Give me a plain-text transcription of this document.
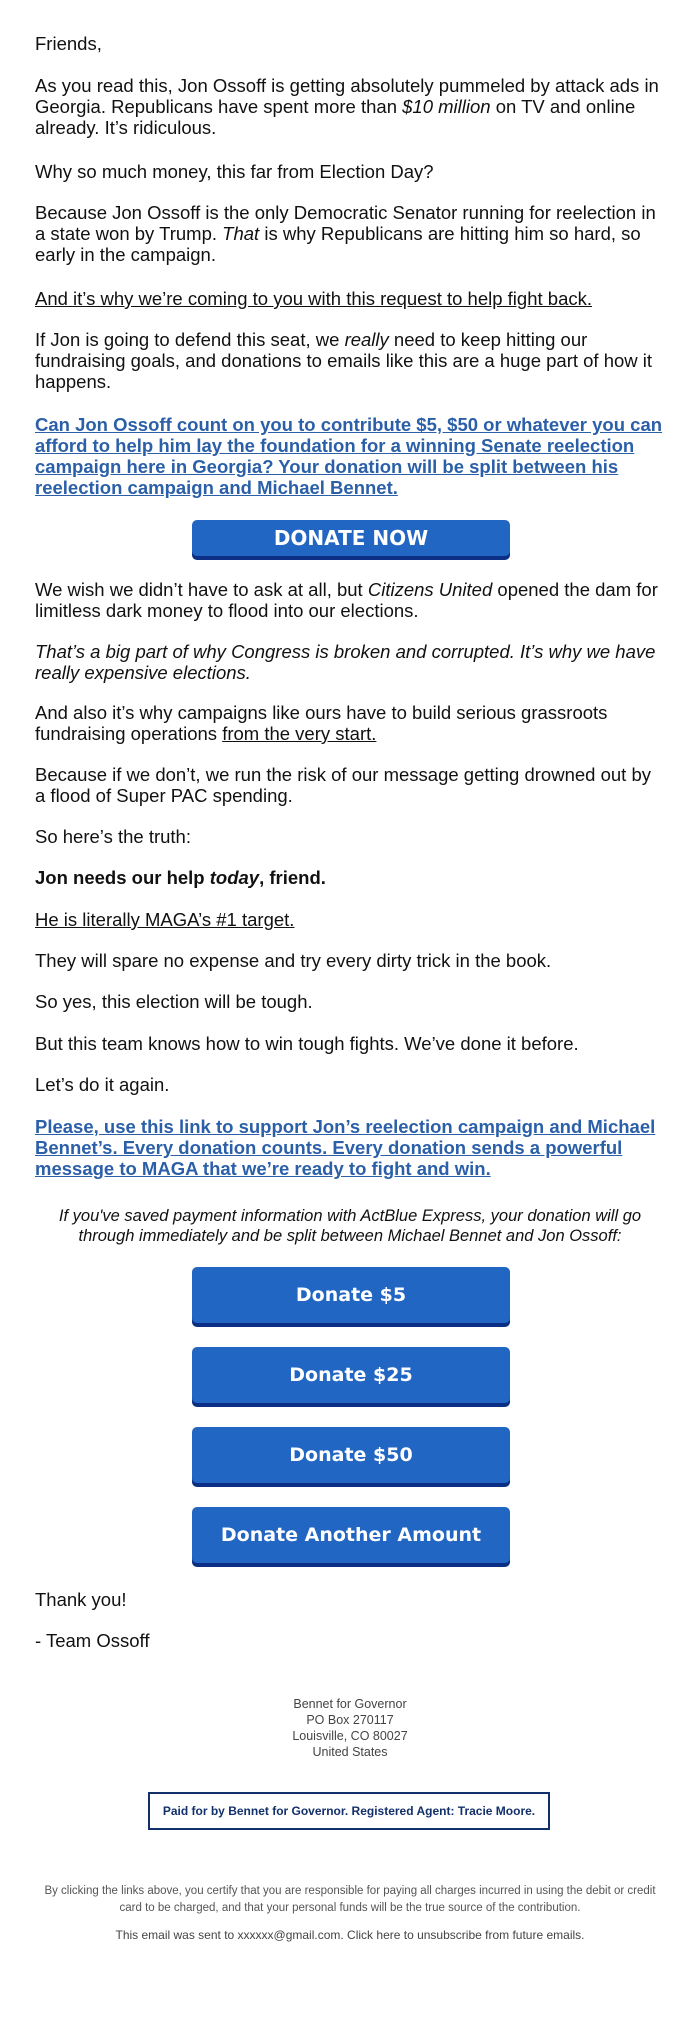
Friends,

As you read this, Jon Ossoff is getting absolutely pummeled by attack ads in Georgia. Republicans have spent more than $10 million on TV and online already. It’s ridiculous.

Why so much money, this far from Election Day?

Because Jon Ossoff is the only Democratic Senator running for reelection in a state won by Trump. That is why Republicans are hitting him so hard, so early in the campaign.

And it’s why we’re coming to you with this request to help fight back.

If Jon is going to defend this seat, we really need to keep hitting our fundraising goals, and donations to emails like this are a huge part of how it happens.

Can Jon Ossoff count on you to contribute $5, $50 or whatever you can afford to help him lay the foundation for a winning Senate reelection campaign here in Georgia? Your donation will be split between his reelection campaign and Michael Bennet.

We wish we didn’t have to ask at all, but Citizens United opened the dam for limitless dark money to flood into our elections.

That’s a big part of why Congress is broken and corrupted. It’s why we have really expensive elections.

And also it’s why campaigns like ours have to build serious grassroots fundraising operations from the very start.

Because if we don’t, we run the risk of our message getting drowned out by a flood of Super PAC spending.

So here’s the truth:

Jon needs our help today, friend.

He is literally MAGA’s #1 target.

They will spare no expense and try every dirty trick in the book.

So yes, this election will be tough.

But this team knows how to win tough fights. We’ve done it before.

Let’s do it again.

Please, use this link to support Jon’s reelection campaign and Michael Bennet’s. Every donation counts. Every donation sends a powerful message to MAGA that we’re ready to fight and win.

DONATE NOW
If you've saved payment information with ActBlue Express, your donation will go through immediately and be split between Michael Bennet and Jon Ossoff:
Donate $5
Donate $25
Donate $50
Donate Another Amount

Thank you!

- Team Ossoff

Bennet for Governor
PO Box 270117
Louisville, CO 80027
United States
Paid for by Bennet for Governor. Registered Agent: Tracie Moore.
By clicking the links above, you certify that you are responsible for paying all charges incurred in using the debit or credit card to be charged, and that your personal funds will be the true source of the contribution.
This email was sent to xxxxxx@gmail.com. Click here to unsubscribe from future emails.
